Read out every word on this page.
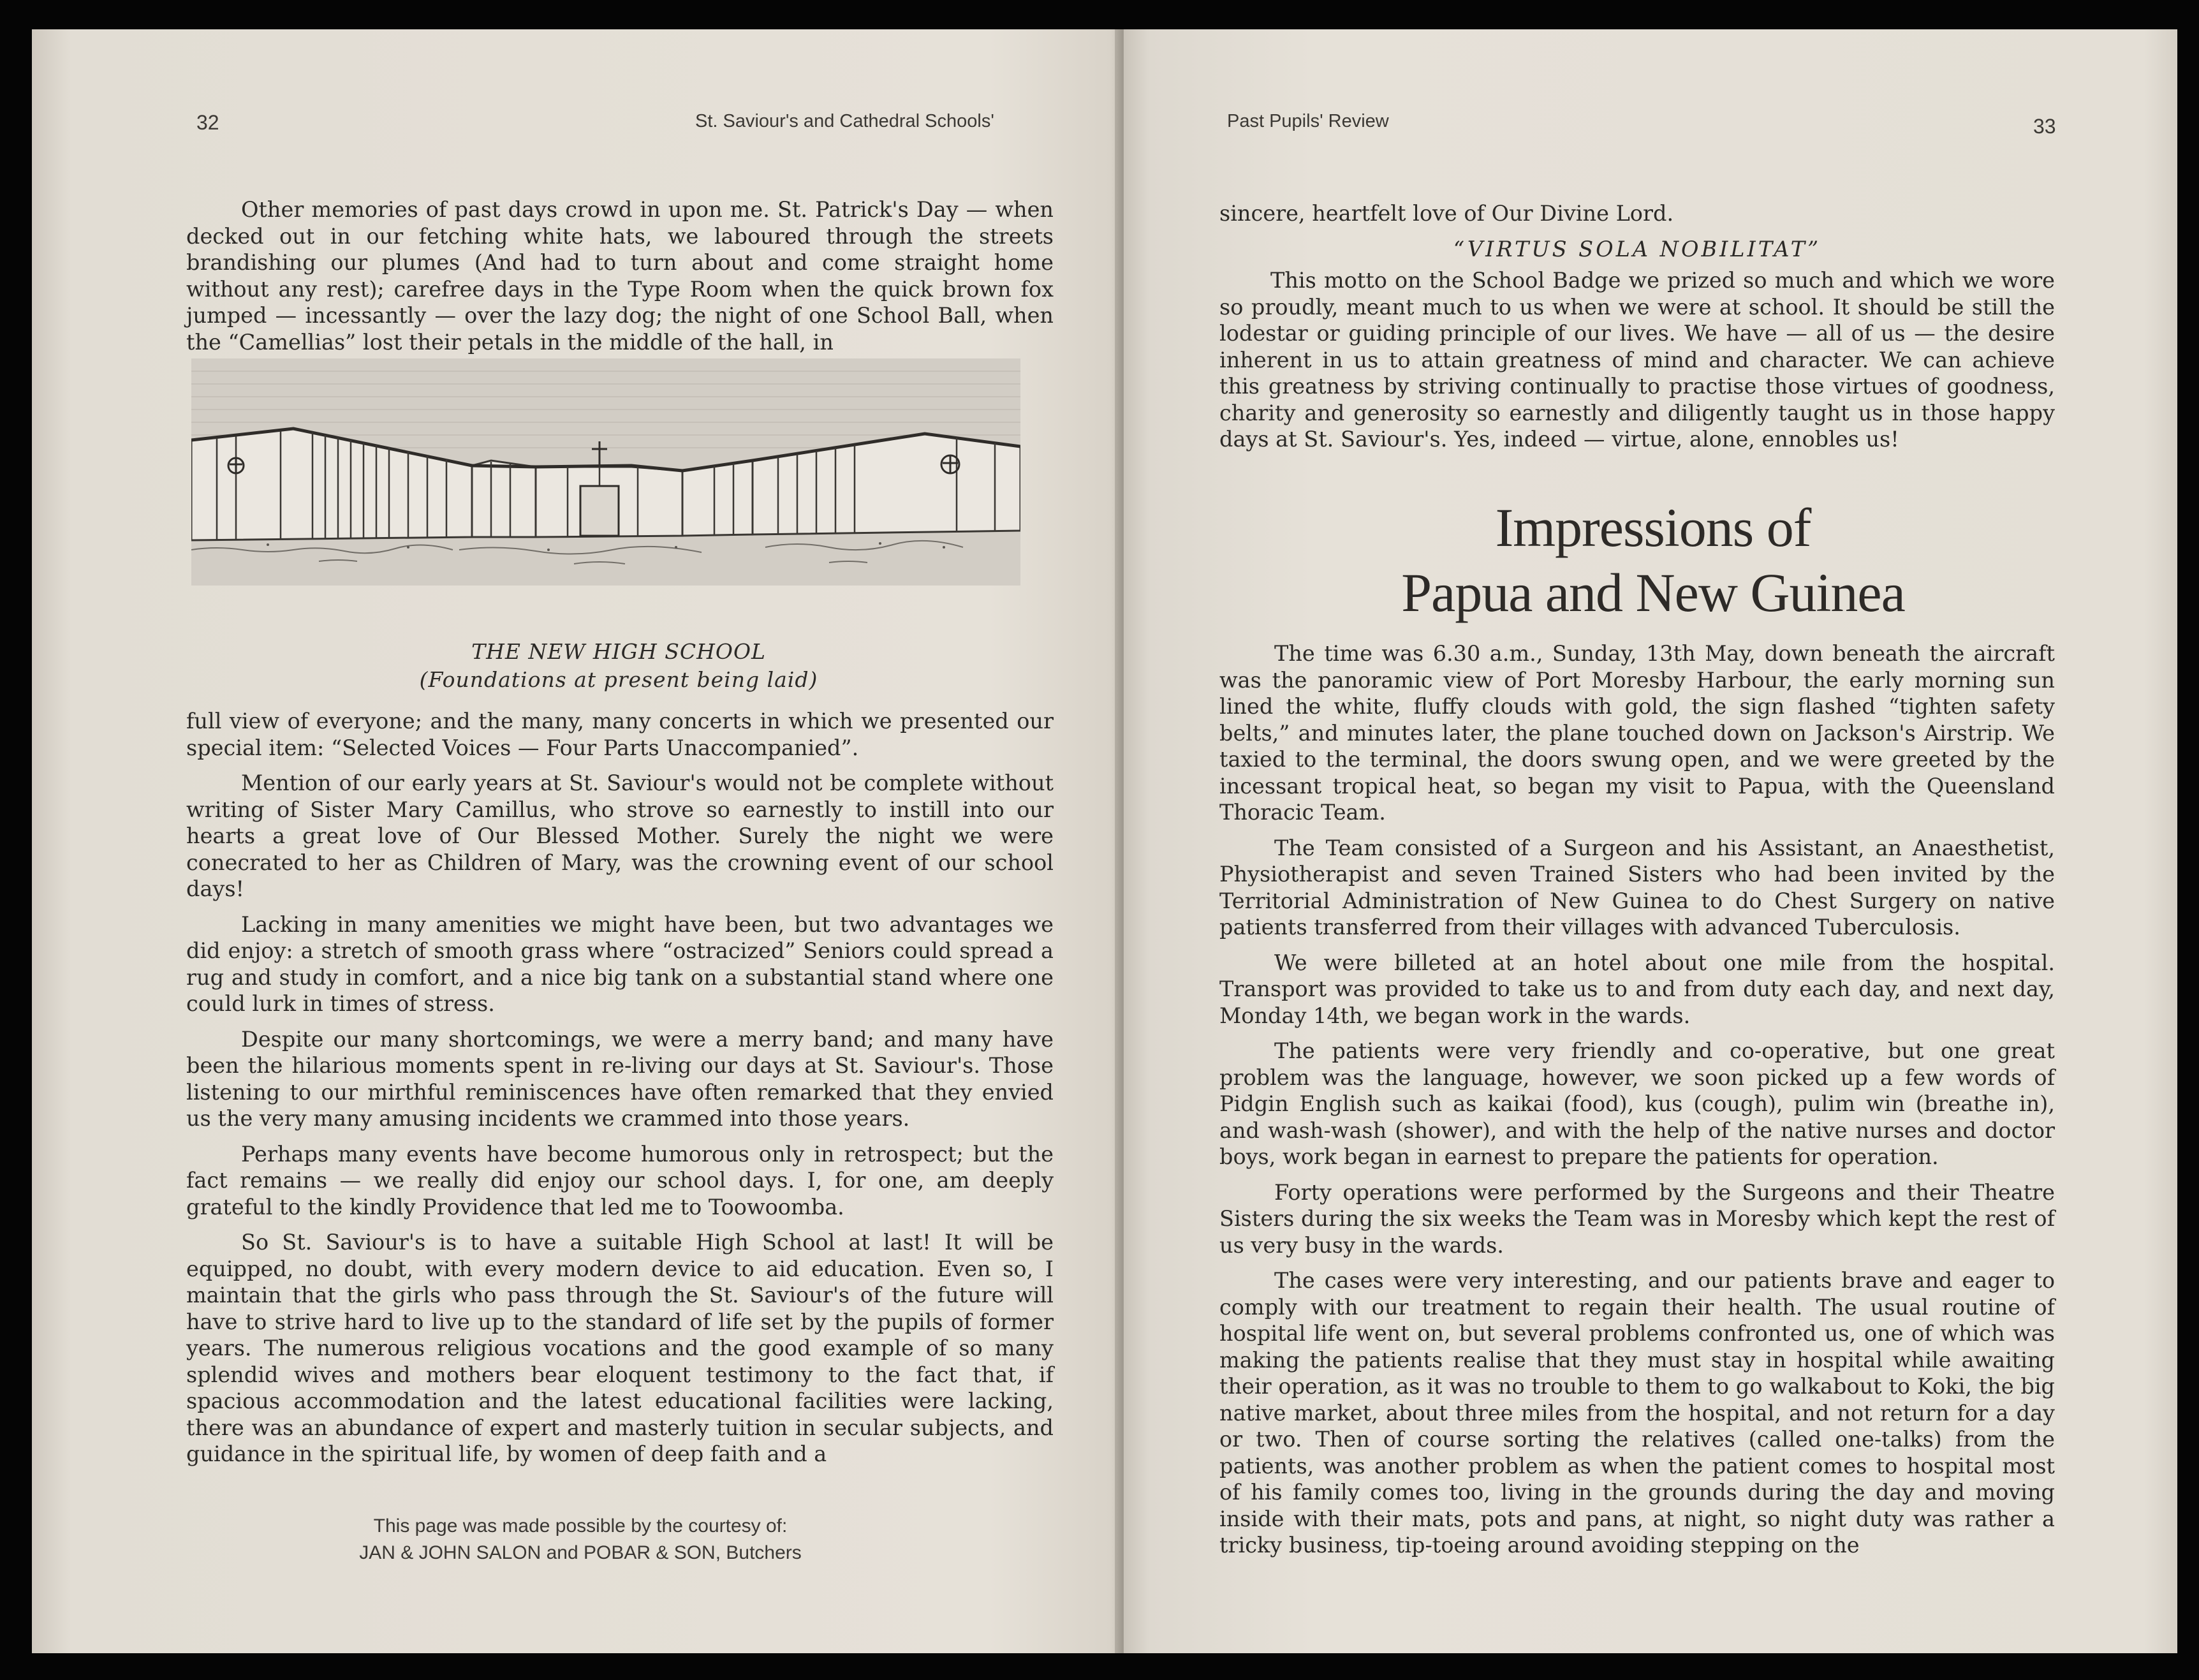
32	St. Saviour's and Cathedral Schools'

Other memories of past days crowd in upon me. St. Patrick's Day — when decked out in our fetching white hats, we laboured through the streets brandishing our plumes (And had to turn about and come straight home without any rest); carefree days in the Type Room when the quick brown fox jumped — incessantly — over the lazy dog; the night of one School Ball, when the “Camellias” lost their petals in the middle of the hall, in

THE NEW HIGH SCHOOL
(Foundations at present being laid)

full view of everyone; and the many, many concerts in which we presented our special item: “Selected Voices — Four Parts Unaccompanied”.

Mention of our early years at St. Saviour's would not be complete without writing of Sister Mary Camillus, who strove so earnestly to instill into our hearts a great love of Our Blessed Mother. Surely the night we were conecrated to her as Children of Mary, was the crowning event of our school days!

Lacking in many amenities we might have been, but two advantages we did enjoy: a stretch of smooth grass where “ostracized” Seniors could spread a rug and study in comfort, and a nice big tank on a substantial stand where one could lurk in times of stress.

Despite our many shortcomings, we were a merry band; and many have been the hilarious moments spent in re-living our days at St. Saviour's. Those listening to our mirthful reminiscences have often remarked that they envied us the very many amusing incidents we crammed into those years.

Perhaps many events have become humorous only in retrospect; but the fact remains — we really did enjoy our school days. I, for one, am deeply grateful to the kindly Providence that led me to Toowoomba.

So St. Saviour's is to have a suitable High School at last! It will be equipped, no doubt, with every modern device to aid education. Even so, I maintain that the girls who pass through the St. Saviour's of the future will have to strive hard to live up to the standard of life set by the pupils of former years. The numerous religious vocations and the good example of so many splendid wives and mothers bear eloquent testimony to the fact that, if spacious accommodation and the latest educational facilities were lacking, there was an abundance of expert and masterly tuition in secular subjects, and guidance in the spiritual life, by women of deep faith and a

This page was made possible by the courtesy of:
JAN & JOHN SALON and POBAR & SON, Butchers
Past Pupils' Review	33

sincere, heartfelt love of Our Divine Lord.

“VIRTUS SOLA NOBILITAT”

This motto on the School Badge we prized so much and which we wore so proudly, meant much to us when we were at school. It should be still the lodestar or guiding principle of our lives. We have — all of us — the desire inherent in us to attain greatness of mind and character. We can achieve this greatness by striving continually to practise those virtues of goodness, charity and generosity so earnestly and diligently taught us in those happy days at St. Saviour's. Yes, indeed — virtue, alone, ennobles us!

Impressions of
Papua and New Guinea

The time was 6.30 a.m., Sunday, 13th May, down beneath the aircraft was the panoramic view of Port Moresby Harbour, the early morning sun lined the white, fluffy clouds with gold, the sign flashed “tighten safety belts,” and minutes later, the plane touched down on Jackson's Airstrip. We taxied to the terminal, the doors swung open, and we were greeted by the incessant tropical heat, so began my visit to Papua, with the Queensland Thoracic Team.

The Team consisted of a Surgeon and his Assistant, an Anaesthetist, Physiotherapist and seven Trained Sisters who had been invited by the Territorial Administration of New Guinea to do Chest Surgery on native patients transferred from their villages with advanced Tuberculosis.

We were billeted at an hotel about one mile from the hospital. Transport was provided to take us to and from duty each day, and next day, Monday 14th, we began work in the wards.

The patients were very friendly and co-operative, but one great problem was the language, however, we soon picked up a few words of Pidgin English such as kaikai (food), kus (cough), pulim win (breathe in), and wash-wash (shower), and with the help of the native nurses and doctor boys, work began in earnest to prepare the patients for operation.

Forty operations were performed by the Surgeons and their Theatre Sisters during the six weeks the Team was in Moresby which kept the rest of us very busy in the wards.

The cases were very interesting, and our patients brave and eager to comply with our treatment to regain their health. The usual routine of hospital life went on, but several problems confronted us, one of which was making the patients realise that they must stay in hospital while awaiting their operation, as it was no trouble to them to go walkabout to Koki, the big native market, about three miles from the hospital, and not return for a day or two. Then of course sorting the relatives (called one-talks) from the patients, was another problem as when the patient comes to hospital most of his family comes too, living in the grounds during the day and moving inside with their mats, pots and pans, at night, so night duty was rather a tricky business, tip-toeing around avoiding stepping on the
